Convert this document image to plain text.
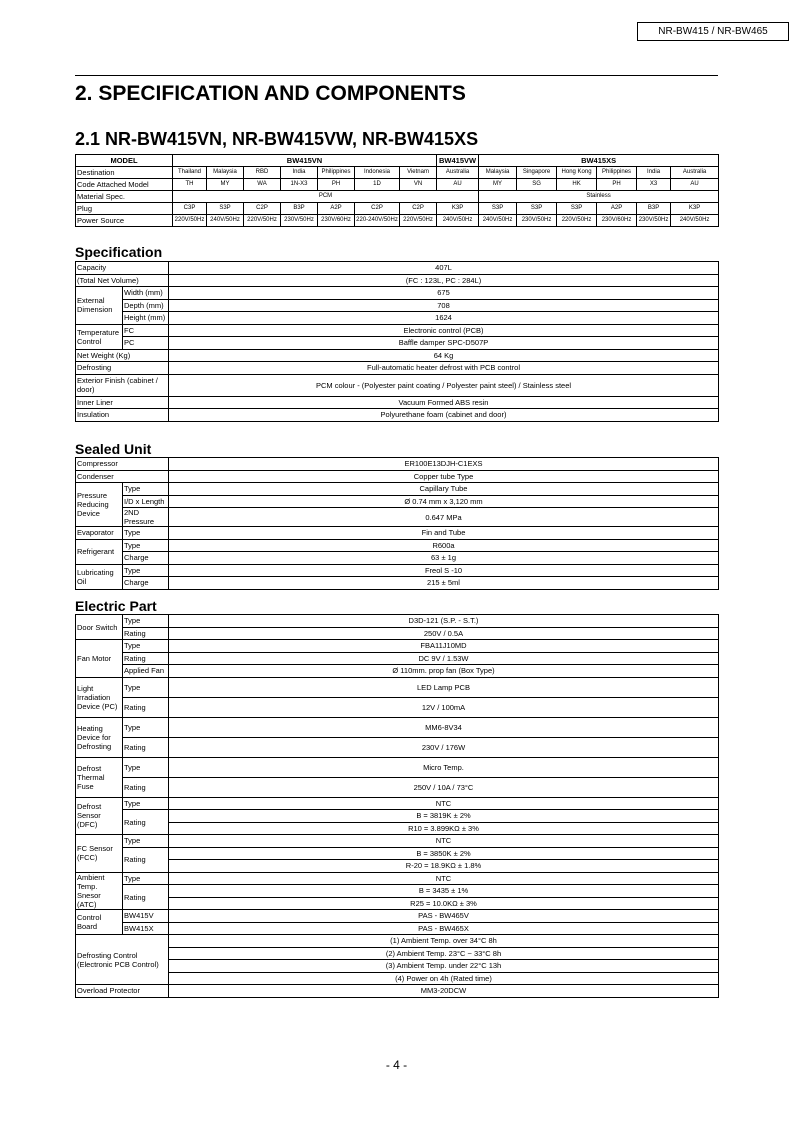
NR-BW415 / NR-BW465
2. SPECIFICATION AND COMPONENTS
2.1 NR-BW415VN, NR-BW415VW, NR-BW415XS
MODEL	BW415VN							BW415VW	BW415XS					
Destination	Thailand	Malaysia	RBD	India	Philippines	Indonesia	Vietnam	Australia	Malaysia	Singapore	Hong Kong	Philippines	India	Australia
Code Attached Model	TH	MY	WA	1N-X3	PH	1D	VN	AU	MY	SG	HK	PH	X3	AU
Material Spec.	PCM								Stainless					
Plug	C3P	S3P	C2P	B3P	A2P	C2P	C2P	K3P	S3P	S3P	S3P	A2P	B3P	K3P
Power Source	220V/50Hz	240V/50Hz	220V/50Hz	230V/50Hz	230V/60Hz	220-240V/50Hz	220V/50Hz	240V/50Hz	240V/50Hz	230V/50Hz	220V/50Hz	230V/60Hz	230V/50Hz	240V/50Hz
Specification
Capacity		407L
(Total Net Volume)		(FC : 123L, PC : 284L)
External Dimension	Width (mm)	675
	Depth (mm)	708
	Height (mm)	1624
Temperature Control	FC	Electronic control (PCB)
	PC	Baffle damper SPC-D507P
Net Weight (Kg)		64 Kg
Defrosting		Full-automatic heater defrost with PCB control
Exterior Finish (cabinet / door)		PCM colour - (Polyester paint coating / Polyester paint steel) / Stainless steel
Inner Liner		Vacuum Formed ABS resin
Insulation		Polyurethane foam (cabinet and door)
Sealed Unit
Compressor		ER100E13DJH-C1EXS
Condenser		Copper tube Type
Pressure Reducing Device	Type	Capillary Tube
	I/D x Length	Ø 0.74 mm x 3,120 mm
	2ND Pressure	0.647 MPa
Evaporator	Type	Fin and Tube
Refrigerant	Type	R600a
	Charge	63 ± 1g
Lubricating Oil	Type	Freol S -10
	Charge	215 ± 5ml
Electric Part
Door Switch	Type	D3D-121 (S.P. - S.T.)
	Rating	250V / 0.5A
Fan Motor	Type	FBA11J10MD
	Rating	DC 9V / 1.53W
	Applied Fan	Ø 110mm. prop fan (Box Type)
Light Irradiation Device (PC)	Type	LED Lamp PCB
	Rating	12V / 100mA
Heating Device for Defrosting	Type	MM6-8V34
	Rating	230V / 176W
Defrost Thermal Fuse	Type	Micro Temp.
	Rating	250V / 10A / 73°C
Defrost Sensor (DFC)	Type	NTC
	Rating	B = 3819K ± 2%
		R10 = 3.899KΩ ± 3%
FC Sensor (FCC)	Type	NTC
	Rating	B = 3850K ± 2%
		R-20 = 18.9KΩ ± 1.8%
Ambient Temp. Snesor (ATC)	Type	NTC
	Rating	B = 3435 ± 1%
		R25 = 10.0KΩ ± 3%
Control Board	BW415V	PAS - BW465V
	BW415X	PAS - BW465X
Defrosting Control (Electronic PCB Control)		(1) Ambient Temp. over 34°C 8h
		(2) Ambient Temp. 23°C ~ 33°C 8h
		(3) Ambient Temp. under 22°C 13h
		(4) Power on 4h (Rated time)
Overload Protector		MM3-20DCW
- 4 -
